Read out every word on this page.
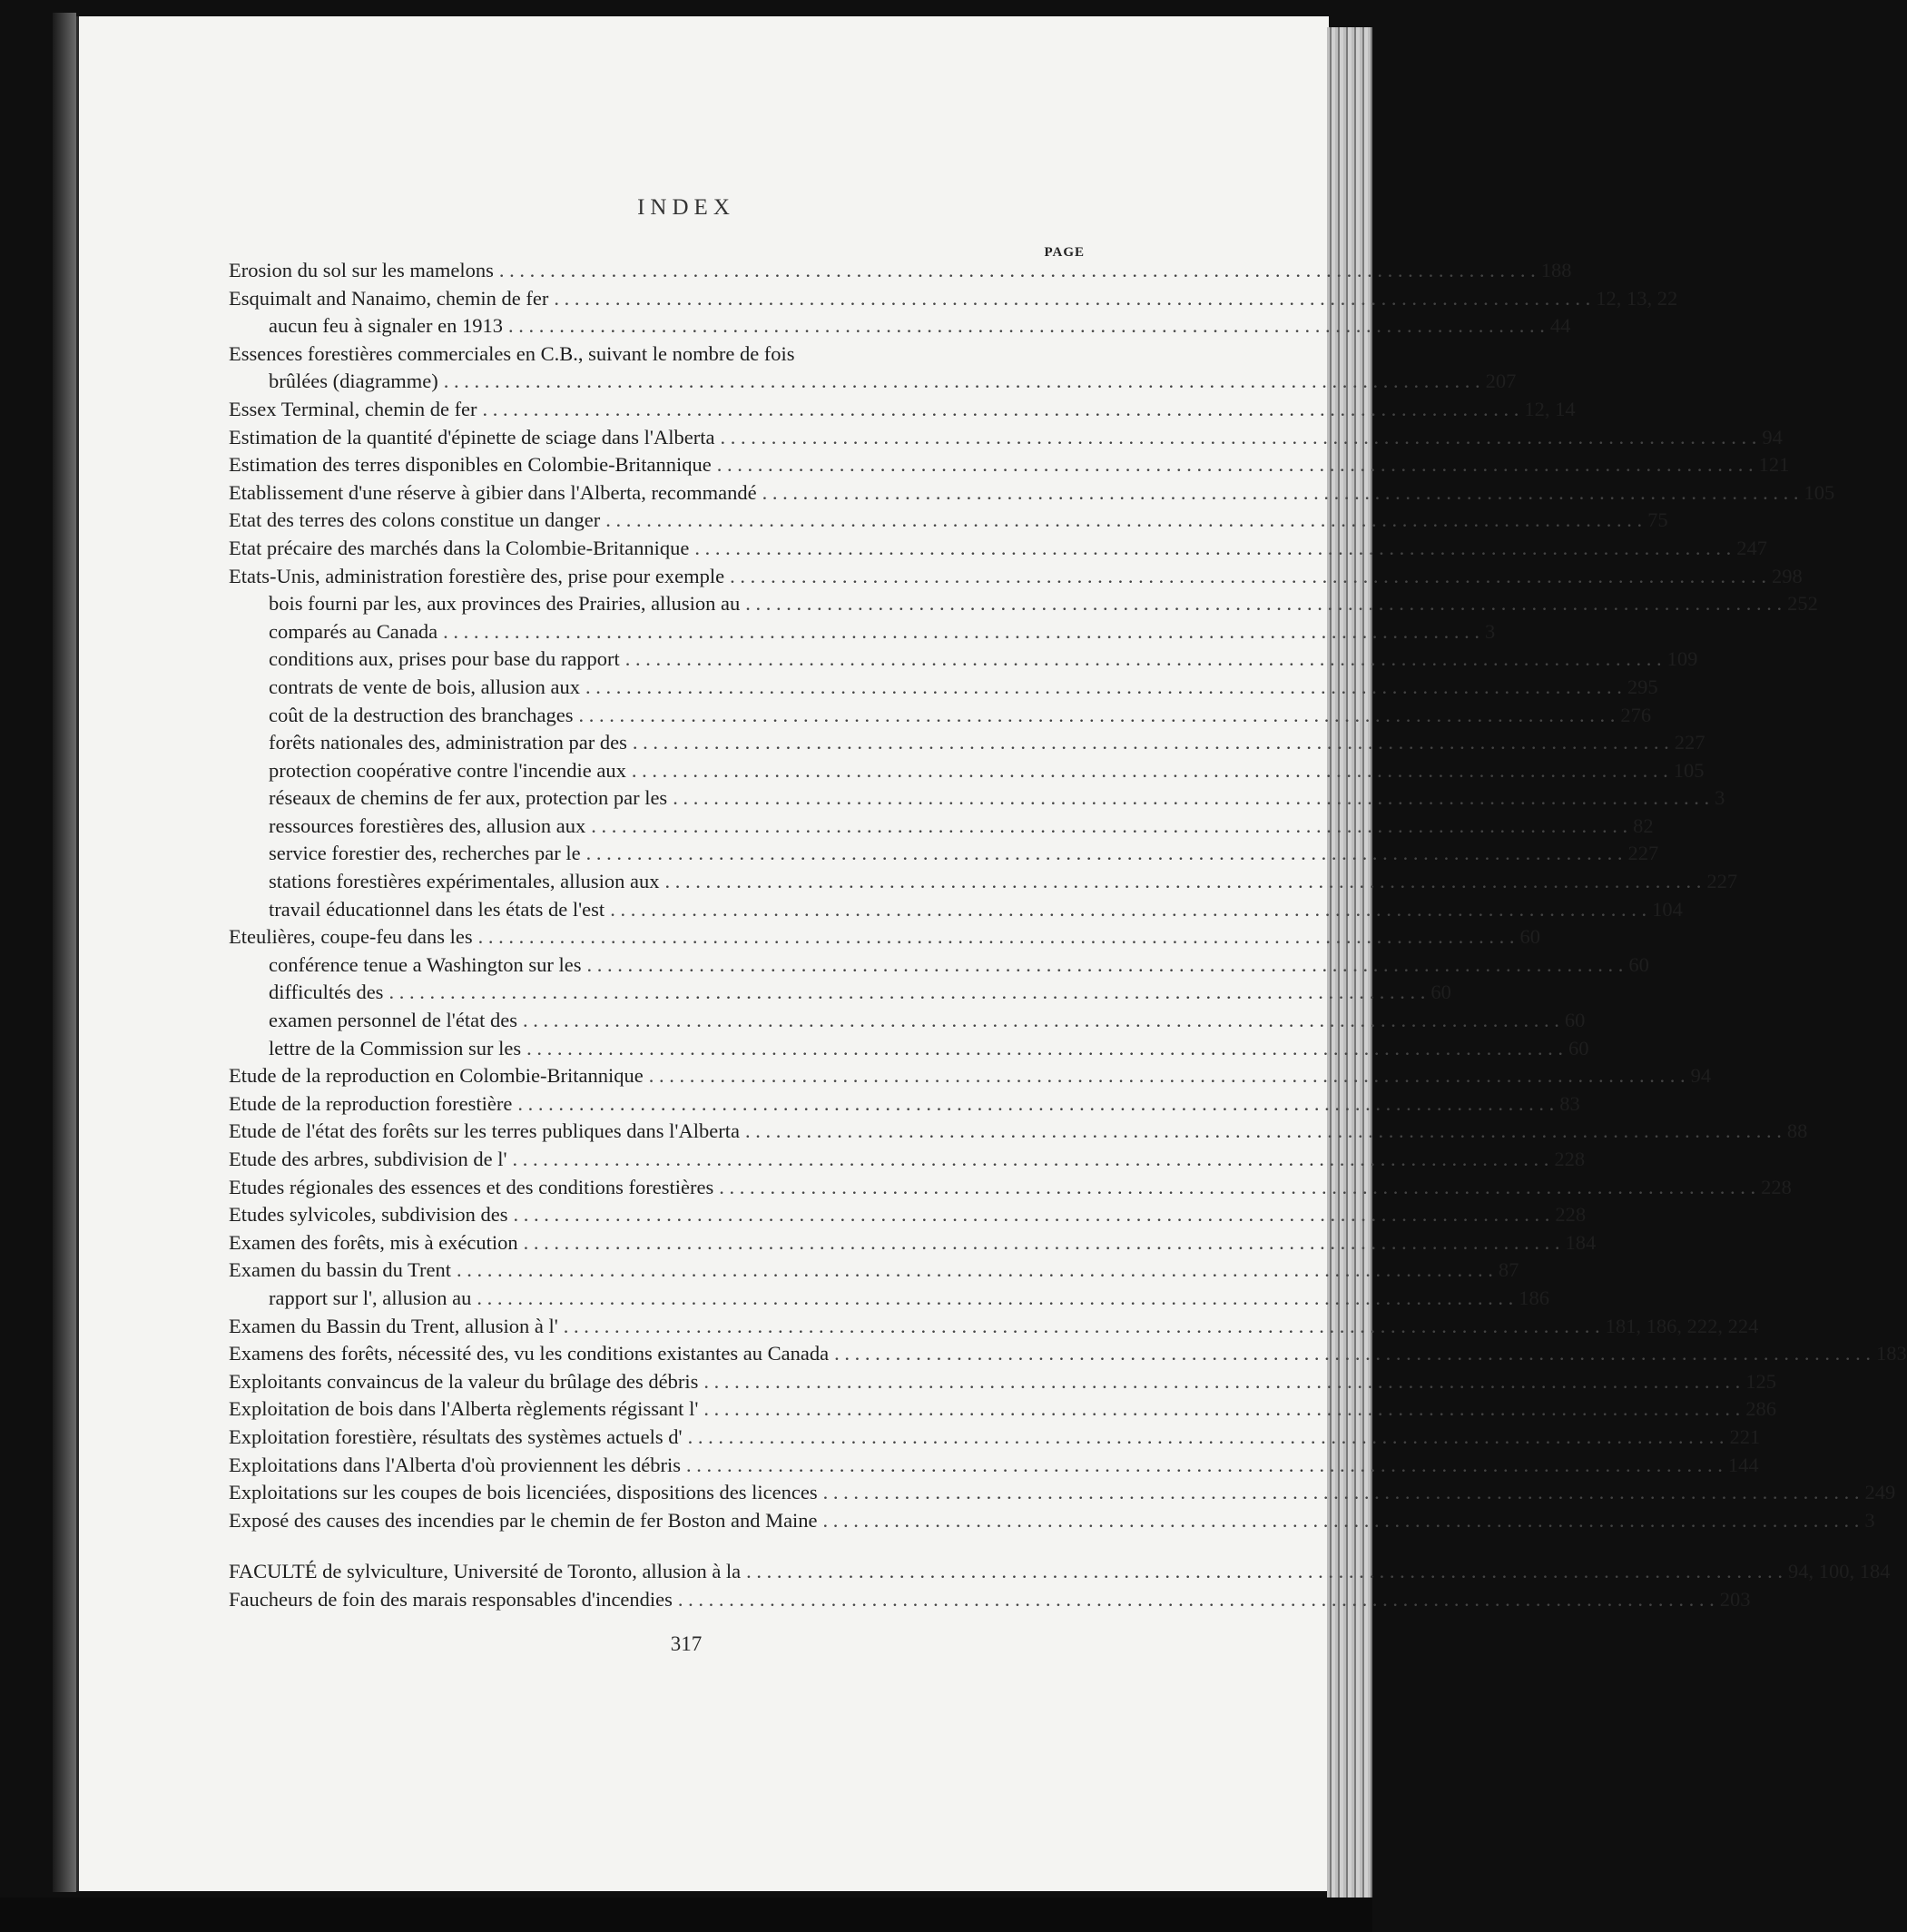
INDEX
PAGE
Erosion du sol sur les mamelons . . .	188
Esquimalt and Nanaimo, chemin de fer . . .	12, 13, 22
aucun feu à signaler en 1913 . . .	44
Essences forestières commerciales en C.B., suivant le nombre de fois
brûlées (diagramme) . . .	207
Essex Terminal, chemin de fer . . .	12, 14
Estimation de la quantité d'épinette de sciage dans l'Alberta . . .	94
Estimation des terres disponibles en Colombie-Britannique . . .	121
Etablissement d'une réserve à gibier dans l'Alberta, recommandé . . .	105
Etat des terres des colons constitue un danger . . .	75
Etat précaire des marchés dans la Colombie-Britannique . . .	247
Etats-Unis, administration forestière des, prise pour exemple . . .	298
bois fourni par les, aux provinces des Prairies, allusion au . . .	252
comparés au Canada . . .	3
conditions aux, prises pour base du rapport . . .	109
contrats de vente de bois, allusion aux . . .	295
coût de la destruction des branchages . . .	276
forêts nationales des, administration par des . . .	227
protection coopérative contre l'incendie aux . . .	105
réseaux de chemins de fer aux, protection par les . . .	3
ressources forestières des, allusion aux . . .	82
service forestier des, recherches par le . . .	227
stations forestières expérimentales, allusion aux . . .	227
travail éducationnel dans les états de l'est . . .	104
Eteulières, coupe-feu dans les . . .	60
conférence tenue a Washington sur les . . .	60
difficultés des . . .	60
examen personnel de l'état des . . .	60
lettre de la Commission sur les . . .	60
Etude de la reproduction en Colombie-Britannique . . .	94
Etude de la reproduction forestière . . .	83
Etude de l'état des forêts sur les terres publiques dans l'Alberta . . .	88
Etude des arbres, subdivision de l' . . .	228
Etudes régionales des essences et des conditions forestières . . .	228
Etudes sylvicoles, subdivision des . . .	228
Examen des forêts, mis à exécution . . .	184
Examen du bassin du Trent . . .	87
rapport sur l', allusion au . . .	186
Examen du Bassin du Trent, allusion à l' . . .	181, 186, 222, 224
Examens des forêts, nécessité des, vu les conditions existantes au Canada . . .	183
Exploitants convaincus de la valeur du brûlage des débris . . .	125
Exploitation de bois dans l'Alberta règlements régissant l' . . .	286
Exploitation forestière, résultats des systèmes actuels d' . . .	221
Exploitations dans l'Alberta d'où proviennent les débris . . .	144
Exploitations sur les coupes de bois licenciées, dispositions des licences . . .	249
Exposé des causes des incendies par le chemin de fer Boston and Maine . . .	3
FACULTÉ de sylviculture, Université de Toronto, allusion à la . . .	94, 100, 184
Faucheurs de foin des marais responsables d'incendies . . .	203
317
